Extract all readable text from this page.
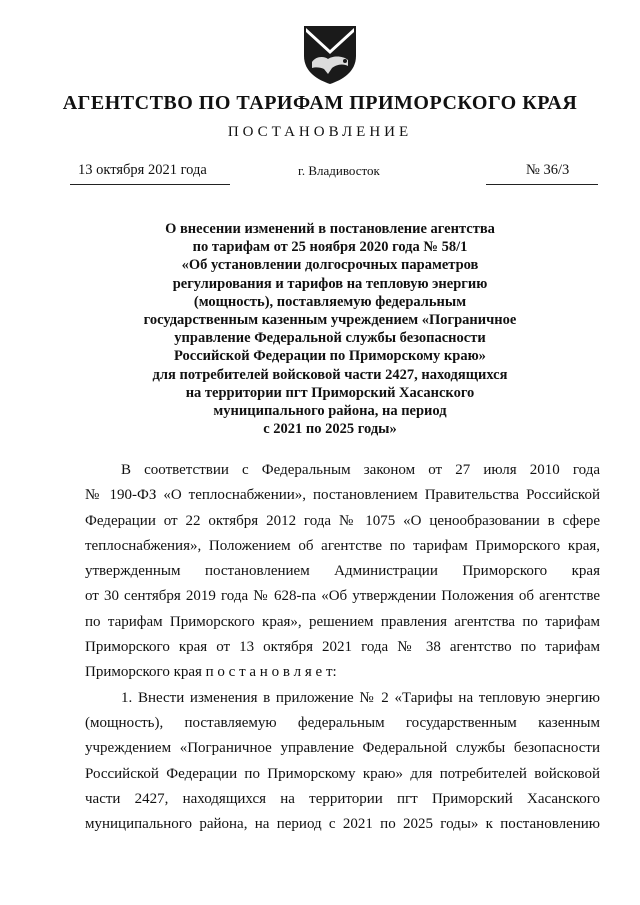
АГЕНТСТВО ПО ТАРИФАМ ПРИМОРСКОГО КРАЯ
ПОСТАНОВЛЕНИЕ
13 октября 2021 года	г. Владивосток	№ 36/3
О внесении изменений в постановление агентства
по тарифам от 25 ноября 2020 года № 58/1
«Об установлении долгосрочных параметров
регулирования и тарифов на тепловую энергию
(мощность), поставляемую федеральным
государственным казенным учреждением «Пограничное
управление Федеральной службы безопасности
Российской Федерации по Приморскому краю»
для потребителей войсковой части 2427, находящихся
на территории пгт Приморский Хасанского
муниципального района, на период
с 2021 по 2025 годы»
В соответствии с Федеральным законом от 27 июля 2010 года
№ 190-ФЗ «О теплоснабжении», постановлением Правительства Российской
Федерации от 22 октября 2012 года № 1075 «О ценообразовании в сфере
теплоснабжения», Положением об агентстве по тарифам Приморского края,
утвержденным постановлением Администрации Приморского края
от 30 сентября 2019 года № 628-па «Об утверждении Положения об агентстве
по тарифам Приморского края», решением правления агентства по тарифам
Приморского края от 13 октября 2021 года № 38 агентство по тарифам
Приморского края п о с т а н о в л я е т:
1. Внести изменения в приложение № 2 «Тарифы на тепловую энергию
(мощность), поставляемую федеральным государственным казенным
учреждением «Пограничное управление Федеральной службы безопасности
Российской Федерации по Приморскому краю» для потребителей войсковой
части 2427, находящихся на территории пгт Приморский Хасанского
муниципального района, на период с 2021 по 2025 годы» к постановлению
